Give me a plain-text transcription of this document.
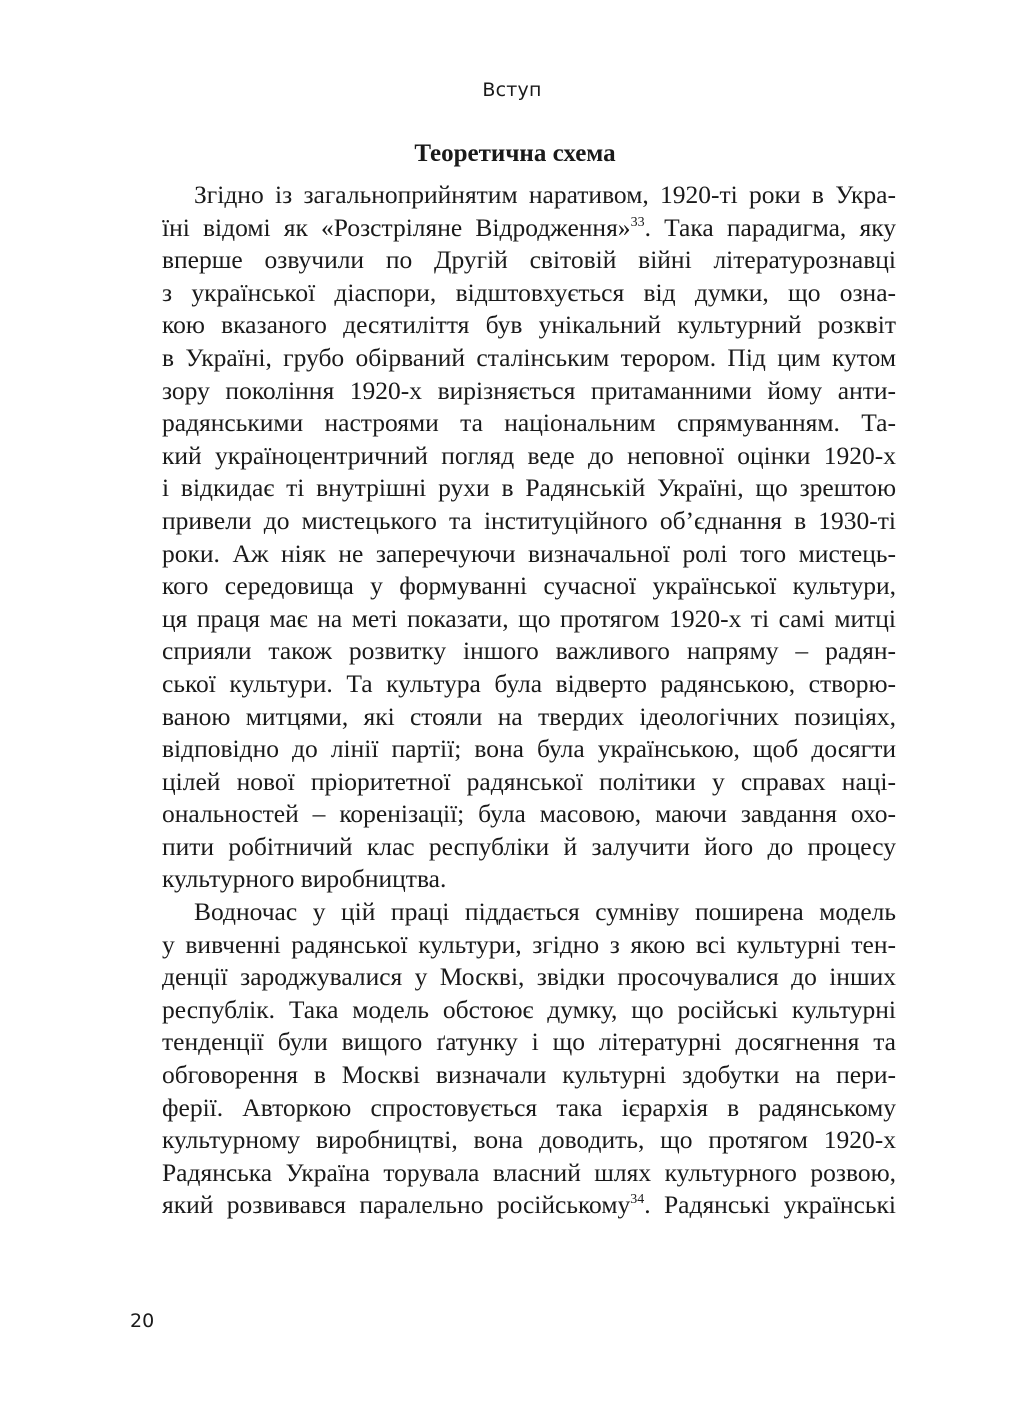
Вступ
Теоретична схема
Згідно із загальноприйнятим наративом, 1920-ті роки в Укра-
їні відомі як «Розстріляне Відродження»$^{33}$. Така парадигма, яку
вперше озвучили по Другій світовій війні літературознавці
з української діаспори, відштовхується від думки, що озна-
кою вказаного десятиліття був унікальний культурний розквіт
в Україні, грубо обірваний сталінським терором. Під цим кутом
зору покоління 1920-х вирізняється притаманними йому анти-
радянськими настроями та національним спрямуванням. Та-
кий україноцентричний погляд веде до неповної оцінки 1920-х
і відкидає ті внутрішні рухи в Радянській Україні, що зрештою
привели до мистецького та інституційного об’єднання в 1930-ті
роки. Аж ніяк не заперечуючи визначальної ролі того мистець-
кого середовища у формуванні сучасної української культури,
ця праця має на меті показати, що протягом 1920-х ті самі митці
сприяли також розвитку іншого важливого напряму – радян-
ської культури. Та культура була відверто радянською, створю-
ваною митцями, які стояли на твердих ідеологічних позиціях,
відповідно до лінії партії; вона була українською, щоб досягти
цілей нової пріоритетної радянської політики у справах наці-
ональностей – коренізації; була масовою, маючи завдання охо-
пити робітничий клас республіки й залучити його до процесу
культурного виробництва.
Водночас у цій праці піддається сумніву поширена модель
у вивченні радянської культури, згідно з якою всі культурні тен-
денції зароджувалися у Москві, звідки просочувалися до інших
республік. Така модель обстоює думку, що російські культурні
тенденції були вищого ґатунку і що літературні досягнення та
обговорення в Москві визначали культурні здобутки на пери-
ферії. Авторкою спростовується така ієрархія в радянському
культурному виробництві, вона доводить, що протягом 1920-х
Радянська Україна торувала власний шлях культурного розвою,
який розвивався паралельно російському$^{34}$. Радянські українські
20
